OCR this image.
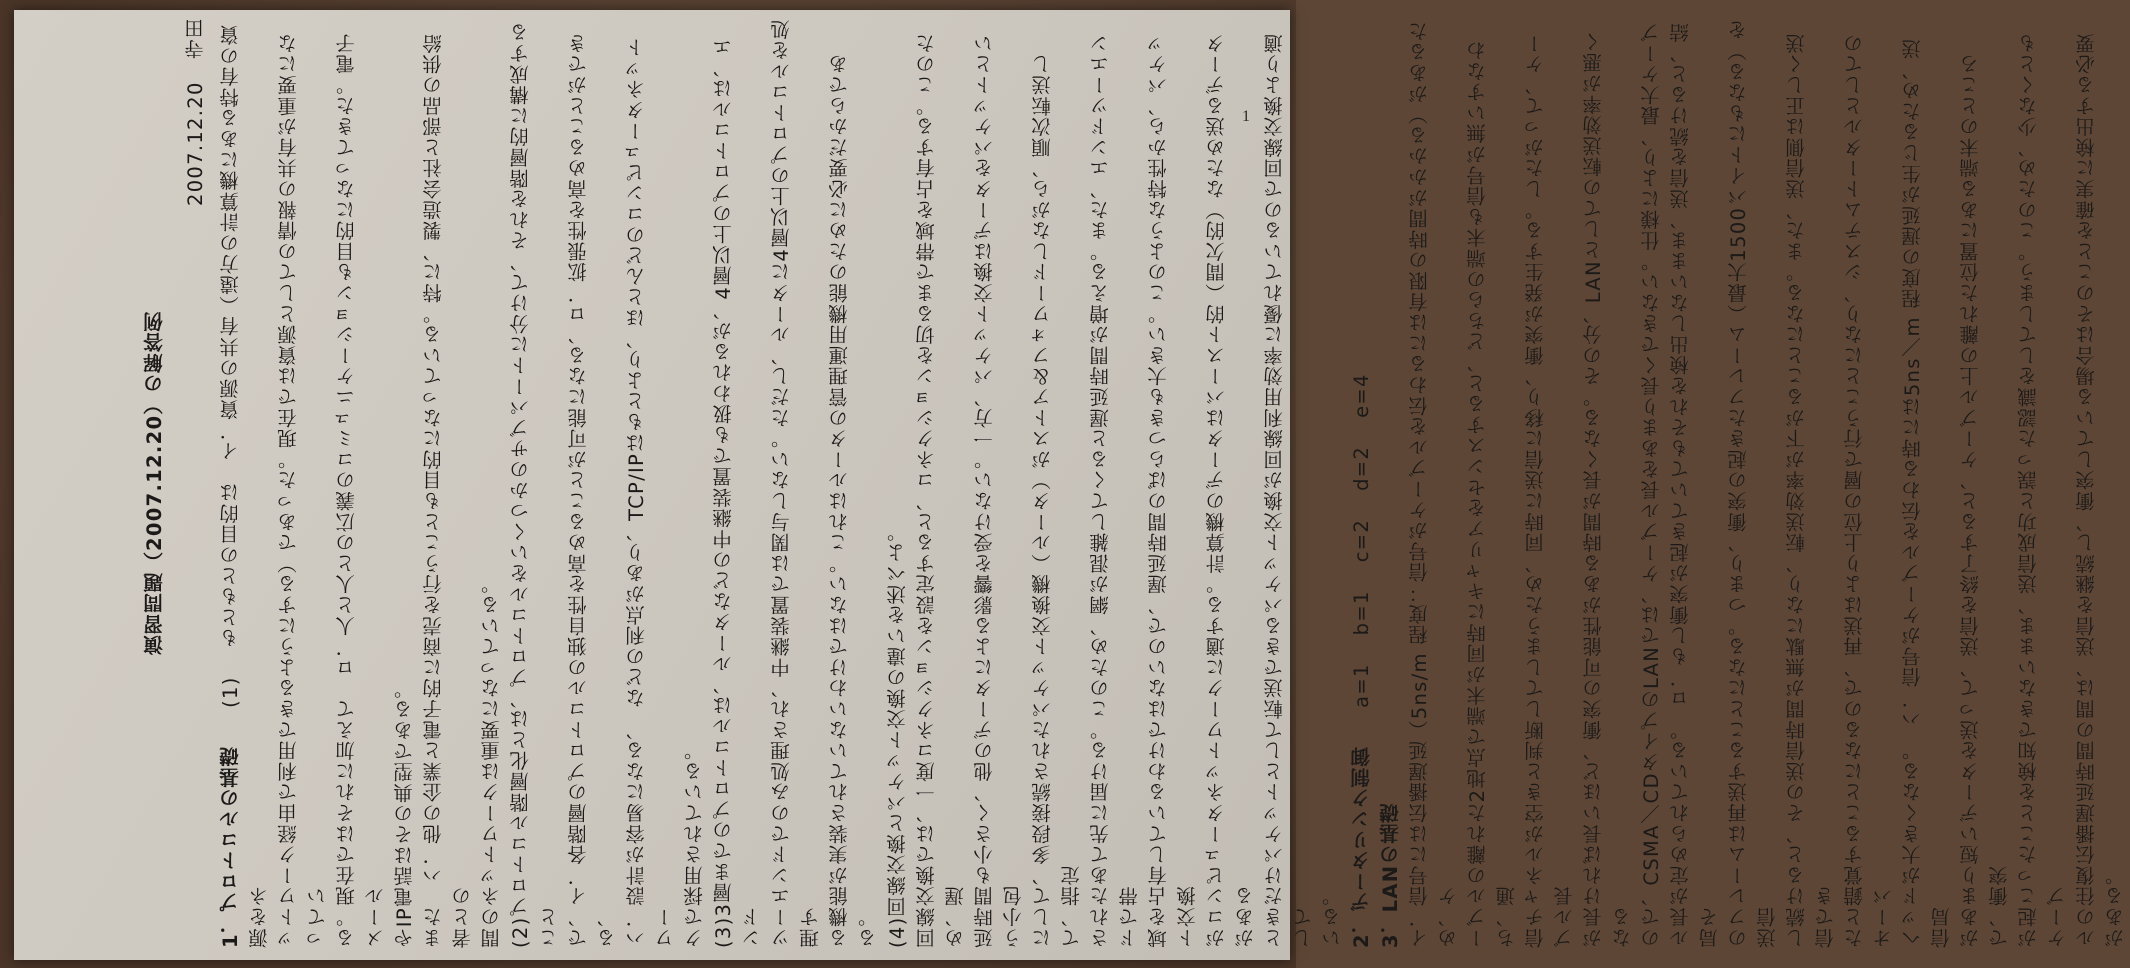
1

演習問題（2007.12.20）の解答例

2007.12.20寺田

1．プロトコルの基礎(1)もともとの目的は　イ．資源の共有（遠方の計算機にある特有の資源をネ ットワーク経由で利用できるようにする）であった。現在では資源としての情報の共有が重要になってい る。現在ではそれに加えて　ロ．人と人との広義のコミュニケーションも目的になってきた。電子メール やIP電話はその典型である。 また　ハ．他の企業と電子的に商売を行うことも目的になっている。特に、製造会社と部品の供給者との 間のネットワークは重要になっている。 (2)プロトコル階層化とは、プロトコルをいくつかのサブパートに分けて、それを階層的に構成すること で、イ．各階層のプロトコルの独自性を高めることが可能になる、ロ．拡張性を高めることができる、 ハ．設計が容易になる、　などの利点があり、TCP/IPはもとより、ほとんどのコンピュータネットワー クで採用されている。 (3)3層までのプロトコルは、ルータなどの中継装置でも扱われるが、4層以上のプロトコルは、エンド ツーエンドでのみ処理され、中継装置では関与しない。ただし、ルータに4層以上のプロトコルを処理す る機能が実装されていないわけではない。これはルータの管理運用機能のために必要だからである。 (4)回線交換とパケット交換の違いを述べよ。 回線交換では、一度コネクションを設定すると、コネクションを切るまで帯域を占有する。このため、遅 延時間も小さく、他のデータによる影響を受けない。一方、パケット交換はデータをパケットという小包 にして、多段接続されたパケット交換機（ルータ）がストア＆フォワードしながら、順次転送して、指定 されたあて先に届ける。このため、網が混雑してくると遅延時間が増える。また、エンドツーエンドで帯 域を占有しているわけではないので、遅延時間のばらつきも大きい。このような特性から、パケット交換 がコンピュータネットワークに適する。計算機のデータはバースト的（間欠的）なため送るデータがある ときだけパケットとして転送できるパケット交換が回線利用効率に優れているので回線交換より適して いる。 2．データリンク制御a=1b=1c=2d=2e=4

3．LANの基礎 イ．信号には伝播遅延（5ns/m 程度：信号がケーブルを伝わるには有限の時間がかかる）があるため、ケ ーブルの離れた2地点で端末が同時にキャリアをセンスすると、どちらの端末も信号が無いすなわち、通 信チャネルが空きと判断してしまうため、同時に送信に移り、衝突が発生する。したがって、ケーブル長 が長ければ長いほど、衝突の可能性がある時間が長くなる。その分、LANとしての転送効率が悪くなる ので、CSMA／CDタイプのLANでは、ケーブル長をあまり長くできない。仕様により、最大ケーブ ル長が定められている。　ロ．もし衝突が起きていてもそれを検出しないまま、送信を続けると、結局そ のフレームは再送することになる。つまり、衝突の起きたフレーム（最大1500バイトにもなる）を送信 し続けると、その送信時間が無駄になり、転送効率が下がることになる。また、送信側は正しく送信でき たと錯覚することになるので、再送はより上位の層で行うことになり、システムトータルとしてのオーバ ヘッドが大きくなる。　ハ．信号がケーブルを伝わる時には5ns／m 程度の遅延が生じるため、送信局 があまり短いデータを送って、送信を終了すると、ケーブル上の離れた位置にある端末のところで、衝突 が起こったことを検知できないまま、送信成功と誤った認識をしてしまう。このため、少なくともケーブ ルの往復伝播遅延時間の間は、送信を継続し、衝突している場合はそのことを確実に検出する必要がある。
